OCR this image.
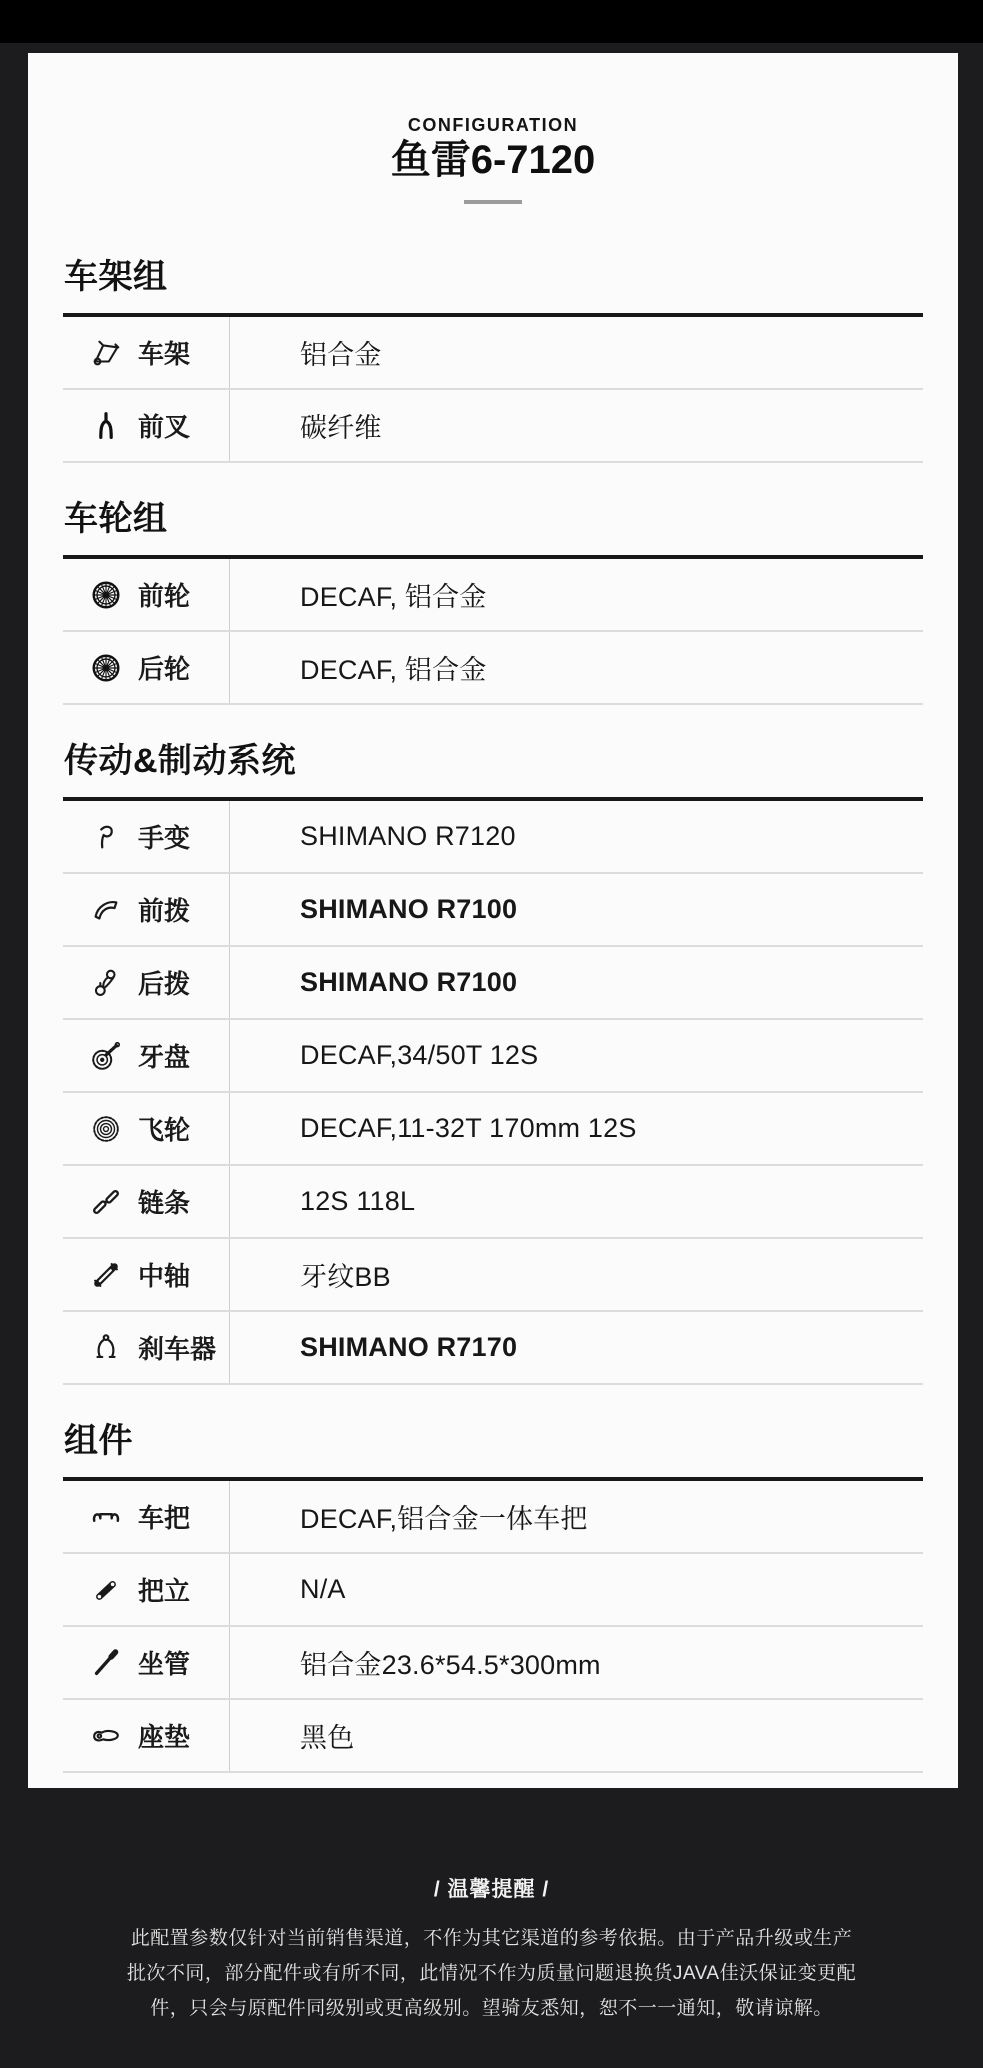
CONFIGURATION
鱼雷6-7120
车架组
车架	铝合金
前叉	碳纤维
车轮组
前轮	DECAF, 铝合金
后轮	DECAF, 铝合金
传动&制动系统
手变	SHIMANO R7120
前拨	SHIMANO R7100
后拨	SHIMANO R7100
牙盘	DECAF,34/50T 12S
飞轮	DECAF,11-32T 170mm 12S
链条	12S 118L
中轴	牙纹BB
刹车器	SHIMANO R7170
组件
车把	DECAF,铝合金一体车把
把立	N/A
坐管	铝合金23.6*54.5*300mm
座垫	黑色
/ 温馨提醒 /
此配置参数仅针对当前销售渠道，不作为其它渠道的参考依据。由于产品升级或生产
批次不同，部分配件或有所不同，此情况不作为质量问题退换货JAVA佳沃保证变更配
件，只会与原配件同级别或更高级别。望骑友悉知，恕不一一通知，敬请谅解。
